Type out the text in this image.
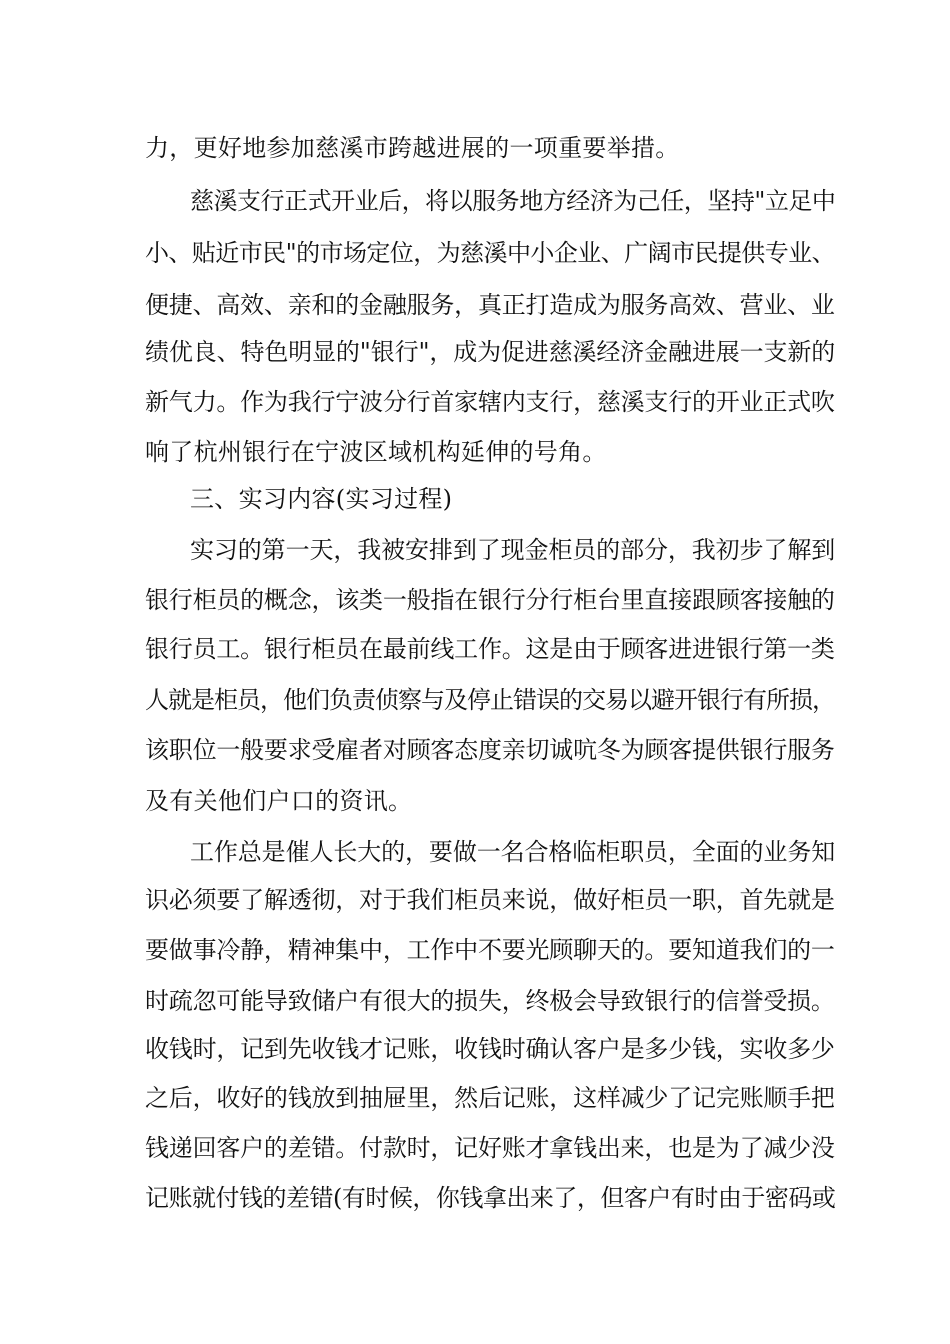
力，更好地参加慈溪市跨越进展的一项重要举措。
慈溪支行正式开业后，将以服务地方经济为己任，坚持"立足中
小、贴近市民"的市场定位，为慈溪中小企业、广阔市民提供专业、
便捷、高效、亲和的金融服务，真正打造成为服务高效、营业、业
绩优良、特色明显的"银行"，成为促进慈溪经济金融进展一支新的
新气力。作为我行宁波分行首家辖内支行，慈溪支行的开业正式吹
响了杭州银行在宁波区域机构延伸的号角。
三、实习内容(实习过程)
实习的第一天，我被安排到了现金柜员的部分，我初步了解到
银行柜员的概念，该类一般指在银行分行柜台里直接跟顾客接触的
银行员工。银行柜员在最前线工作。这是由于顾客进进银行第一类
人就是柜员，他们负责侦察与及停止错误的交易以避开银行有所损，
该职位一般要求受雇者对顾客态度亲切诚吭冬为顾客提供银行服务
及有关他们户口的资讯。
工作总是催人长大的，要做一名合格临柜职员，全面的业务知
识必须要了解透彻，对于我们柜员来说，做好柜员一职，首先就是
要做事冷静，精神集中，工作中不要光顾聊天的。要知道我们的一
时疏忽可能导致储户有很大的损失，终极会导致银行的信誉受损。
收钱时，记到先收钱才记账，收钱时确认客户是多少钱，实收多少
之后，收好的钱放到抽屉里，然后记账，这样减少了记完账顺手把
钱递回客户的差错。付款时，记好账才拿钱出来，也是为了减少没
记账就付钱的差错(有时候，你钱拿出来了，但客户有时由于密码或
